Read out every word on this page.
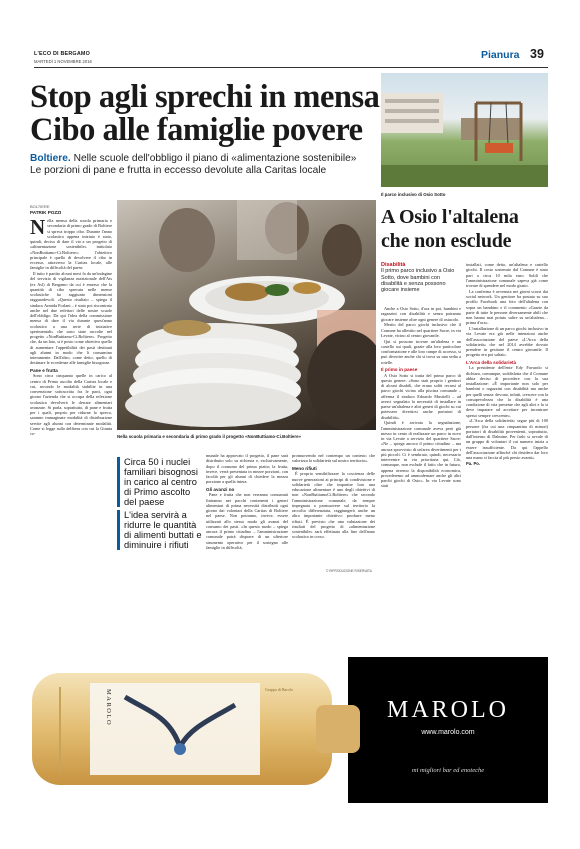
L'ECO DI BERGAMO
MARTEDÌ 1 NOVEMBRE 2016
Pianura 39
Stop agli sprechi in mensa
Cibo alle famiglie povere
Boltiere. Nelle scuole dell'obbligo il piano di «alimentazione sostenibile»
Le porzioni di pane e frutta in eccesso devolute alla Caritas locale
Nella scuola primaria e secondaria di primo grado il progetto «NonButtiamo-Ci.Boltiere»
BOLTIERE
PATRIK POZZI

Nella mensa della scuola primaria e secondaria di primo grado di Boltiere si spreca troppo cibo. Durante l'anno scolastico appena iniziato è stato, quindi, deciso di dare il via a un progetto di «alimentazione sostenibile» intitolato «NonButtiamo-Ci.Boltiere»: l'obiettivo principale è quello di devolvere il cibo in eccesso, attraverso la Caritas locale, alle famiglie in difficoltà del paese.

Il tutto è partito alcuni mesi fa da un'indagine del servizio di vigilanza nutrizionale dell'Ats (ex Asl) di Bergamo da cui è emerso che la quantità di cibo sprecata nelle mense scolastiche ha raggiunto dimensioni ragguardevoli. «Questo risultato – spiega il sindaco Armida Forlani – è stato poi riscontrato anche nel due refettori delle nostre scuole dell'obbligo. Da qui l'idea della commissione mensa di dare il via durante quest'anno scolastico a una serie di iniziative sperimentali» che sono state raccolte nel progetto «NonButtiamo-Ci.Boltiere». Progetto che, da un lato, si è posto come obiettivo quello di aumentare l'appetibilità dei pasti destinati agli alunni in modo che li consumino interamente. Dall'altro, come detto, quello di destinare le eccedenze alle famiglie bisognose.

Pane e frutta

Sono circa cinquanta quelle in carico al centro di Primo ascolto della Caritas locale e cui, secondo le modalità stabilite in una convenzione sottoscritta fra le parti, ogni giorno l'azienda che si occupa della refezione scolastica devolverà le derrate alimentari avanzate. Si parla, soprattutto, di pane e frutta per i quali, proprio per ridurne lo spreco, saranno immaginate modalità di distribuzione servite agli alunni con determinate modalità. Come si legge sulla delibera con cui la Giunta co-

Circa 50 i nuclei familiari bisognosi in carico al centro di Primo ascolto del paese
L'idea servirà a ridurre le quantità di alimenti buttati e diminuire i rifiuti

munale ha approvato il progetto, il pane sarà distribuito solo su richiesta e, esclusivamente, dopo il consumo del primo piatto; la frutta, invece, verrà presentata in mezze porzioni, con facoltà per gli alunni di chiedere la mezza porzione a quella intera.

Gli avanzi no

Pane e frutta che non verranno consumati finiranno nei pacchi contenenti i generi alimentari di prima necessità distribuiti ogni giorno dai volontari della Caritas di Boltiere nel paese. Non potranno, invece, essere utilizzati allo stesso modo gli avanzi del consumo dei pasti. «In questo modo – spiega ancora il primo cittadino – l'amministrazione comunale potrà disporre di un ulteriore strumento operativo per il sostegno alle famiglie in difficoltà,

promuovendo nel contempo un contesto che valorizza la solidarietà sul nostro territorio».

Meno rifiuti

È proprio sensibilizzare la coscienza delle nuove generazioni ai principi di condivisione e solidarietà oltre che impartire loro una educazione alimentare è uno degli obiettivi di non «NonButtiamoCi.Boltiere» che secondo l'amministrazione comunale, da sempre impegnata a promuovere sul territorio la raccolta differenziata, raggiungerà anche un altro importante obiettivo: produrre meno rifiuti. È previsto che una valutazione dei risultati del progetto di «alimentazione sostenibile» sarà effettuata alla fine dell'anno scolastico in corso.

© RIPRODUZIONE RISERVATA
Il parco inclusivo di Osio Sotto
A Osio l'altalena
che non esclude
Disabilità
Il primo parco inclusivo a Osio Sotto, dove bambini con disabilità e senza possono giocare insieme

Anche a Osio Sotto, d'ora in poi, bambini e ragazzini con disabilità e senza potranno giocare insieme oltre ogni genere di ostacolo.

Merito del parco giochi inclusivo che il Comune ha allestito nel quartiere Sacre, in via Levate, vicino al centro giovanile.

Qui si possono trovare un'altalena e un castello sui quali, grazie alla loro particolare conformazione e alle loro rampe di accesso, si può divertire anche chi si trova su una sedia a rotelle.

Il primo in paese

A Osio Sotto si tratta del primo parco di questo genere: «Sono stati proprio i genitori di alcuni disabili, che erano soliti recarsi al parco giochi vicino alla piscina comunale – afferma il sindaco Edoardo Musitelli – ad averci segnalato la necessità di installare in paese un'altalena e altri generi di giochi su cui potessero divertirsi anche portatori di disabilità».

Quindi è arrivata la segnalazione, l'amministrazione comunale aveva però già messo in cento di realizzare un parco in novo in via Levate a servizio del quartiere Sacre: «Ne – spiega ancora il primo cittadino – ma ancora sprovvisto di un'area divertimenti per i più piccoli. Ci è sembrato, quindi, necessario intervenire in via prioritaria qui. Ciò, comunque, non esclude il fatto che in futuro, appena avremo la disponibilità economica, procederemo ad ammodernare anche gli altri parchi giochi di Osio». In via Levate sono stati

installati, come detto, un'altalena e castello giochi. Il costo sostenuto dal Comune è stato pari a circa 10 mila euro. Soldi che l'amministrazione comunale sapeva già come trovare di spendere nel modo giusto.

La conferma è avvenuta nei giorni scorsi dai social network. Un genitore ha postato su suo profilo Facebook una foto dell'altalena con sopra un bambino e il commento «Grazie da parte di tutte le persone diversamente abili che non hanno mai potuto salire su un'altalena… prima d'ora».

L'installazione di un parco giochi inclusivo in via Levate era già nelle intenzioni anche dell'associazione del paese «L'Arca della solidarietà» che nel 2014 avrebbe dovuto prendere in gestione il centro giovanile. Il progetto era poi saltato.

L'Arca della solidarietà

La presidente dell'ente Edy Favarolo si dichiara, comunque, soddisfatta che il Comune abbia deciso di procedere con la sua installazione: «È importante non solo per bambini o ragazzini con disabilità ma anche per quelli senza: devono, infatti, crescere con la consapevolezza che la disabilità è una condizione di vita presente che agli altri e la si deve imparare ad accettare per incontrare spesso sempre crescente».

«L'Arca della solidarietà» segue più di 100 persone (fra cui una cinquantina di minori) portatori di disabilità provenienti, soprattutto, dall'interno di Dalmine. Per farlo si avvale di un gruppo di volontari il cui numero inizia a essere insufficiente. Da qui l'appello dell'associazione affinché chi desidera dar loro una mano si faccia al più presto avanti».

Pa. Po.
MAROLO	Grappa di Barolo
MAROLO
www.marolo.com
mi migliori bar ed enoteche
